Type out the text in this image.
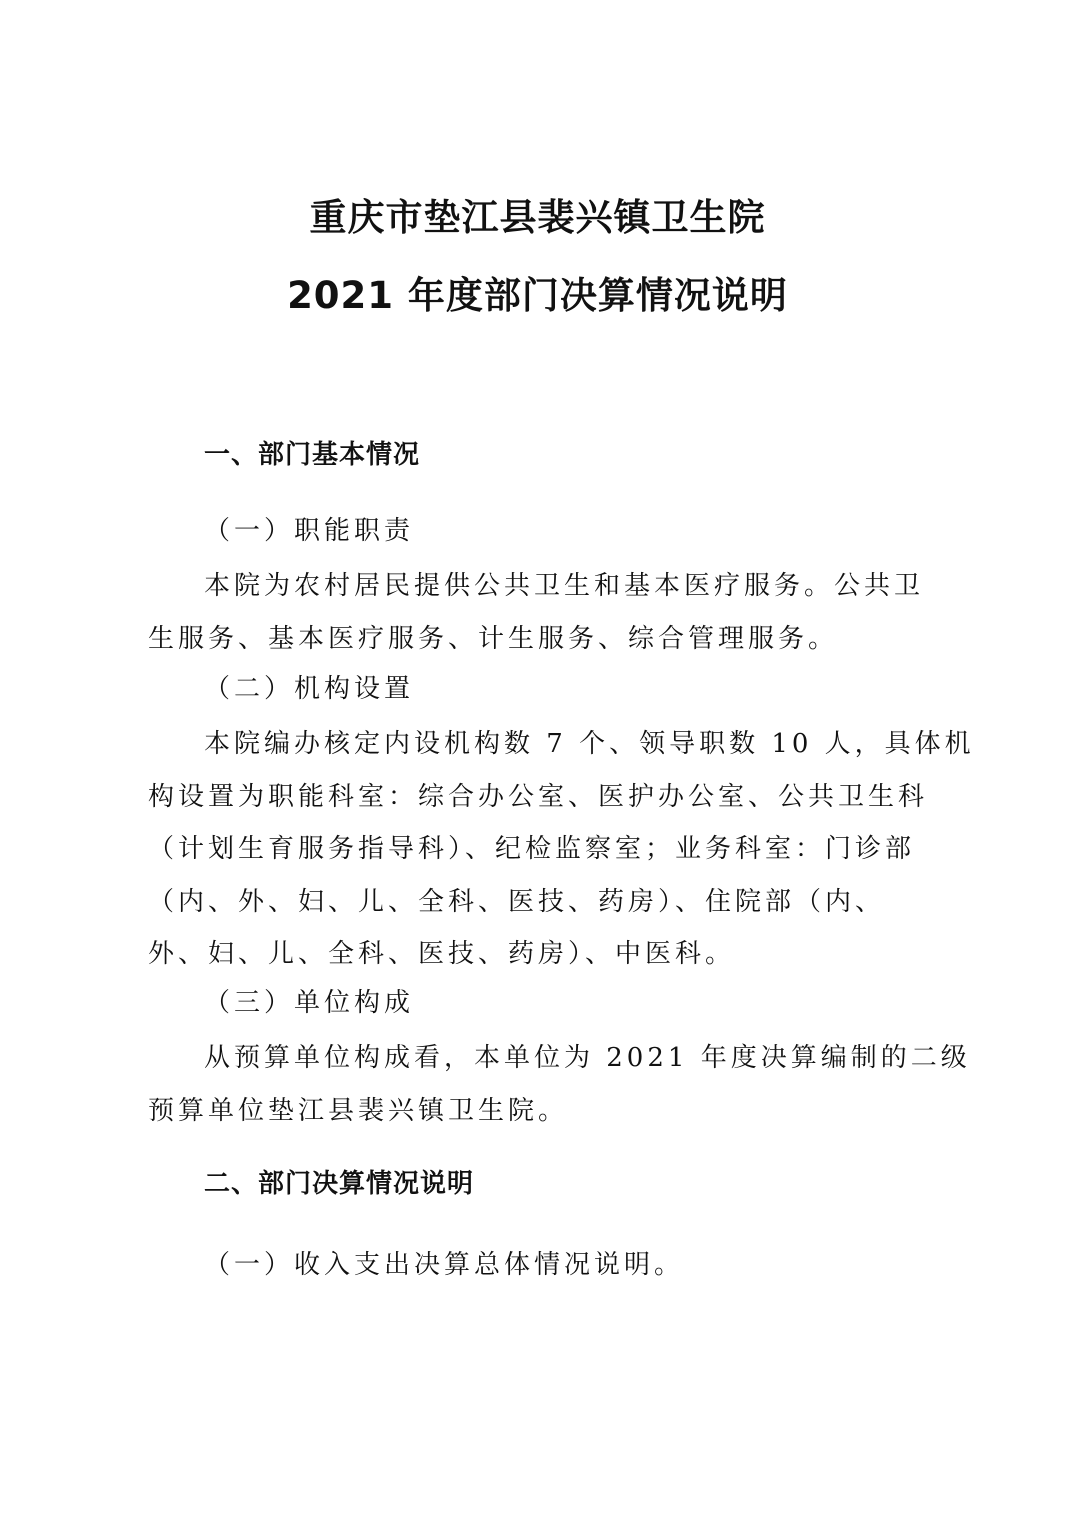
重庆市垫江县裴兴镇卫生院
2021 年度部门决算情况说明
一、部门基本情况
（一）职能职责
本院为农村居民提供公共卫生和基本医疗服务。公共卫
生服务、基本医疗服务、计生服务、综合管理服务。
（二）机构设置
本院编办核定内设机构数 7 个、领导职数 10 人，具体机
构设置为职能科室：综合办公室、医护办公室、公共卫生科
（计划生育服务指导科）、纪检监察室；业务科室：门诊部
（内、外、妇、儿、全科、医技、药房）、住院部（内、
外、妇、儿、全科、医技、药房）、中医科。
（三）单位构成
从预算单位构成看，本单位为 2021 年度决算编制的二级
预算单位垫江县裴兴镇卫生院。
二、部门决算情况说明
（一）收入支出决算总体情况说明。
